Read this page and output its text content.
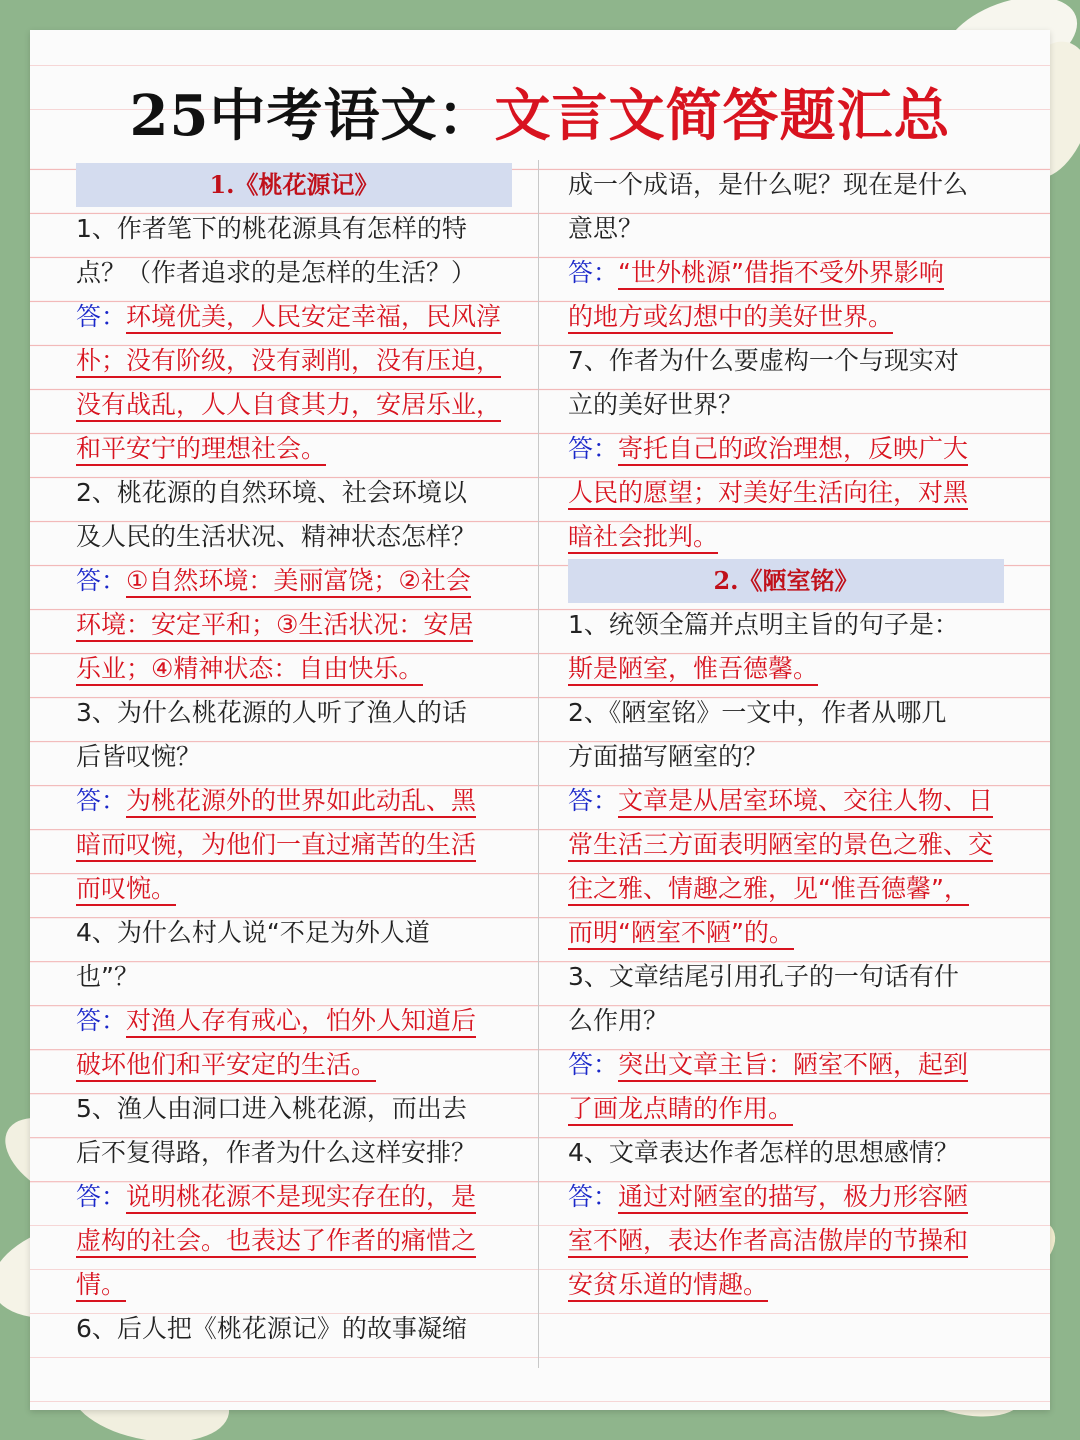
25中考语文：文言文简答题汇总
1.《桃花源记》
1、作者笔下的桃花源具有怎样的特
点？（作者追求的是怎样的生活？）
答：环境优美，人民安定幸福，民风淳
朴；没有阶级，没有剥削，没有压迫，
没有战乱，人人自食其力，安居乐业，
和平安宁的理想社会。
2、桃花源的自然环境、社会环境以
及人民的生活状况、精神状态怎样？
答：①自然环境：美丽富饶；②社会
环境：安定平和；③生活状况：安居
乐业；④精神状态：自由快乐。
3、为什么桃花源的人听了渔人的话
后皆叹惋？
答：为桃花源外的世界如此动乱、黑
暗而叹惋，为他们一直过痛苦的生活
而叹惋。
4、为什么村人说“不足为外人道
也”？
答：对渔人存有戒心，怕外人知道后
破坏他们和平安定的生活。
5、渔人由洞口进入桃花源，而出去
后不复得路，作者为什么这样安排？
答：说明桃花源不是现实存在的，是
虚构的社会。也表达了作者的痛惜之
情。
6、后人把《桃花源记》的故事凝缩
成一个成语，是什么呢？现在是什么
意思？
答：“世外桃源”借指不受外界影响
的地方或幻想中的美好世界。
7、作者为什么要虚构一个与现实对
立的美好世界？
答：寄托自己的政治理想，反映广大
人民的愿望；对美好生活向往，对黑
暗社会批判。
2.《陋室铭》
1、统领全篇并点明主旨的句子是：
斯是陋室，惟吾德馨。
2、《陋室铭》一文中，作者从哪几
方面描写陋室的？
答：文章是从居室环境、交往人物、日
常生活三方面表明陋室的景色之雅、交
往之雅、情趣之雅，见“惟吾德馨”，
而明“陋室不陋”的。
3、文章结尾引用孔子的一句话有什
么作用？
答：突出文章主旨：陋室不陋，起到
了画龙点睛的作用。
4、文章表达作者怎样的思想感情？
答：通过对陋室的描写，极力形容陋
室不陋，表达作者高洁傲岸的节操和
安贫乐道的情趣。
